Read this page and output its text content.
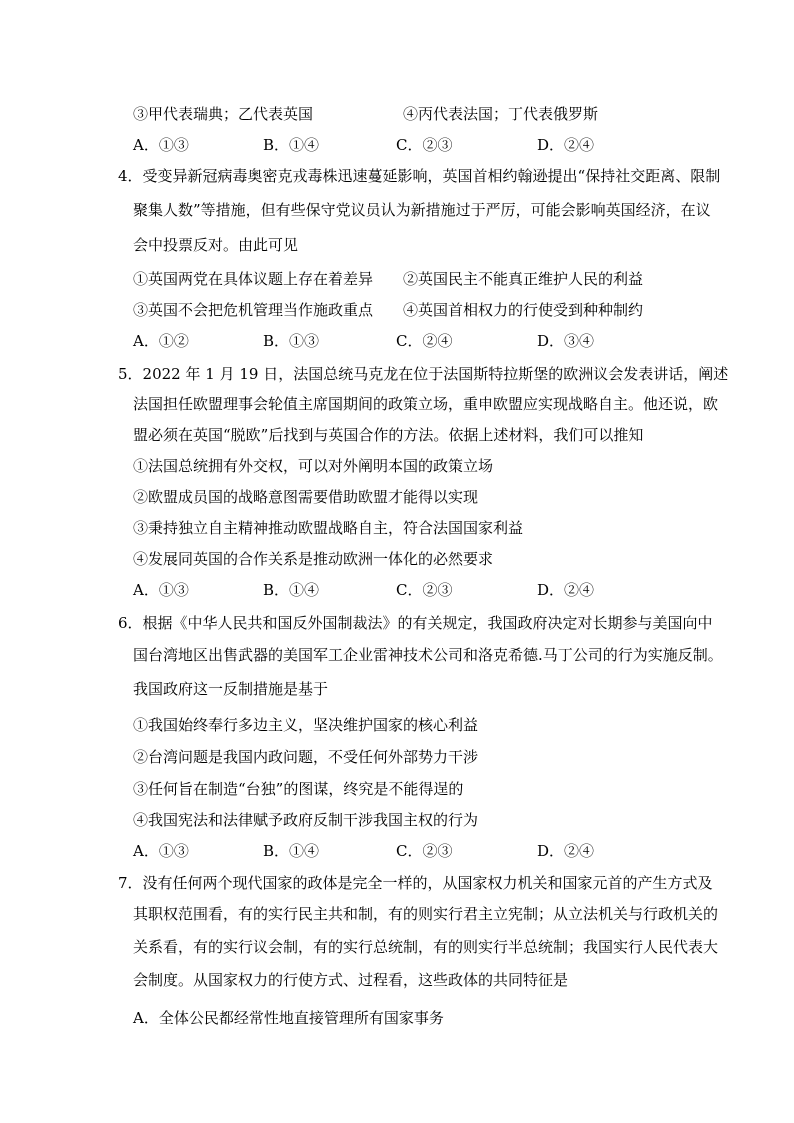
③甲代表瑞典；乙代表英国	④丙代表法国；丁代表俄罗斯
A．①③	B．①④	C．②③	D．②④
4．受变异新冠病毒奥密克戎毒株迅速蔓延影响，英国首相约翰逊提出“保持社交距离、限制
聚集人数”等措施，但有些保守党议员认为新措施过于严厉，可能会影响英国经济，在议
会中投票反对。由此可见
①英国两党在具体议题上存在着差异 ②英国民主不能真正维护人民的利益
③英国不会把危机管理当作施政重点 ④英国首相权力的行使受到种种制约
A．①②	B．①③	C．②④	D．③④
5．2022 年 1 月 19 日，法国总统马克龙在位于法国斯特拉斯堡的欧洲议会发表讲话，阐述
法国担任欧盟理事会轮值主席国期间的政策立场，重申欧盟应实现战略自主。他还说，欧
盟必须在英国“脱欧”后找到与英国合作的方法。依据上述材料，我们可以推知
①法国总统拥有外交权，可以对外阐明本国的政策立场
②欧盟成员国的战略意图需要借助欧盟才能得以实现
③秉持独立自主精神推动欧盟战略自主，符合法国国家利益
④发展同英国的合作关系是推动欧洲一体化的必然要求
A．①③	B．①④	C．②③	D．②④
6．根据《中华人民共和国反外国制裁法》的有关规定，我国政府决定对长期参与美国向中
国台湾地区出售武器的美国军工企业雷神技术公司和洛克希德.马丁公司的行为实施反制。
我国政府这一反制措施是基于
①我国始终奉行多边主义，坚决维护国家的核心利益
②台湾问题是我国内政问题，不受任何外部势力干涉
③任何旨在制造“台独”的图谋，终究是不能得逞的
④我国宪法和法律赋予政府反制干涉我国主权的行为
A．①③	B．①④	C．②③	D．②④
7．没有任何两个现代国家的政体是完全一样的，从国家权力机关和国家元首的产生方式及
其职权范围看，有的实行民主共和制，有的则实行君主立宪制；从立法机关与行政机关的
关系看，有的实行议会制，有的实行总统制，有的则实行半总统制；我国实行人民代表大
会制度。从国家权力的行使方式、过程看，这些政体的共同特征是
A．全体公民都经常性地直接管理所有国家事务
